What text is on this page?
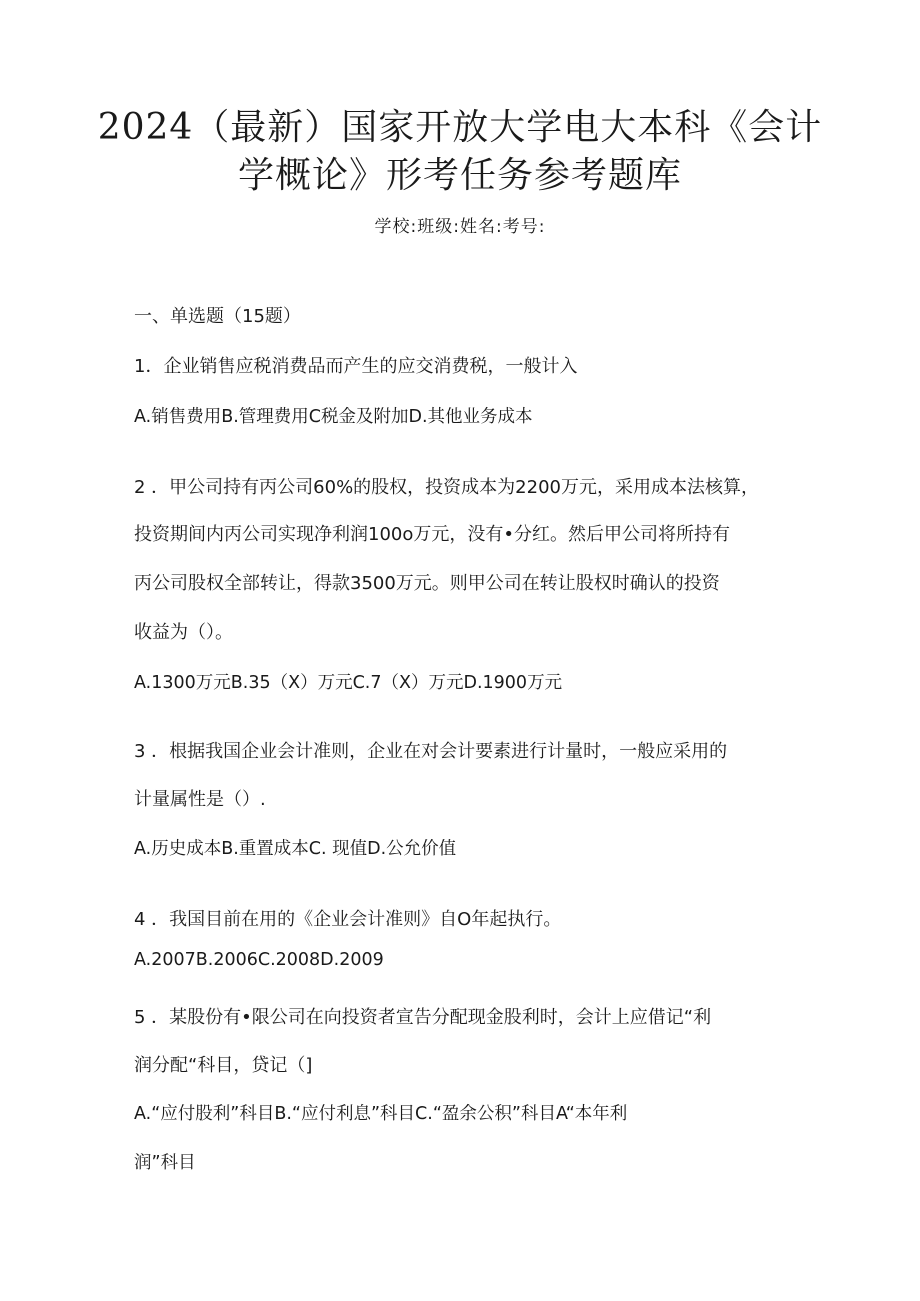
2024（最新）国家开放大学电大本科《会计
学概论》形考任务参考题库
学校:班级:姓名:考号:
一、单选题（15题）
1．企业销售应税消费品而产生的应交消费税，一般计入
A.销售费用B.管理费用C税金及附加D.其他业务成本
2 ．甲公司持有丙公司60%的股权，投资成本为2200万元，采用成本法核算，
投资期间内丙公司实现净利润100o万元，没有•分红。然后甲公司将所持有
丙公司股权全部转让，得款3500万元。则甲公司在转让股权时确认的投资
收益为（）。
A.1300万元B.35（X）万元C.7（X）万元D.1900万元
3 ．根据我国企业会计准则，企业在对会计要素进行计量时，一般应采用的
计量属性是（）.
A.历史成本B.重置成本C. 现值D.公允价值
4 ．我国目前在用的《企业会计准则》自O年起执行。
A.2007B.2006C.2008D.2009
5 ．某股份有•限公司在向投资者宣告分配现金股利时，会计上应借记“利
润分配“科目，贷记（]
A.“应付股利”科目B.“应付利息”科目C.“盈余公积”科目A“本年利
润”科目
